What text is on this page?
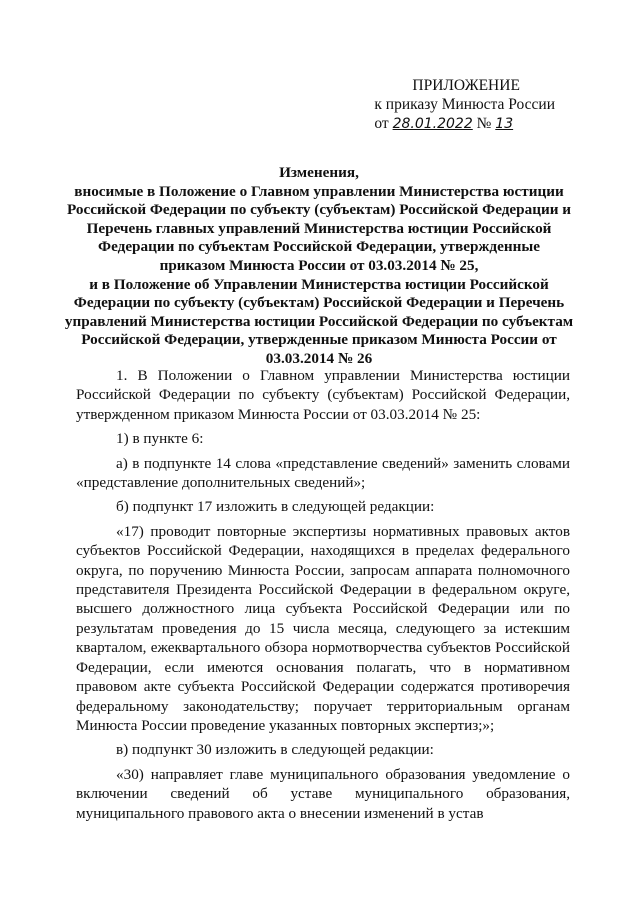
ПРИЛОЖЕНИЕ
к приказу Минюста России
от 28.01.2022 № 13
Изменения,
вносимые в Положение о Главном управлении Министерства юстиции Российской Федерации по субъекту (субъектам) Российской Федерации и Перечень главных управлений Министерства юстиции Российской Федерации по субъектам Российской Федерации, утвержденные приказом Минюста России от 03.03.2014 № 25,
и в Положение об Управлении Министерства юстиции Российской Федерации по субъекту (субъектам) Российской Федерации и Перечень управлений Министерства юстиции Российской Федерации по субъектам Российской Федерации, утвержденные приказом Минюста России от 03.03.2014 № 26

1. В Положении о Главном управлении Министерства юстиции Российской Федерации по субъекту (субъектам) Российской Федерации, утвержденном приказом Минюста России от 03.03.2014 № 25:

1) в пункте 6:

а) в подпункте 14 слова «представление сведений» заменить словами «представление дополнительных сведений»;

б) подпункт 17 изложить в следующей редакции:

«17) проводит повторные экспертизы нормативных правовых актов субъектов Российской Федерации, находящихся в пределах федерального округа, по поручению Минюста России, запросам аппарата полномочного представителя Президента Российской Федерации в федеральном округе, высшего должностного лица субъекта Российской Федерации или по результатам проведения до 15 числа месяца, следующего за истекшим кварталом, ежеквартального обзора нормотворчества субъектов Российской Федерации, если имеются основания полагать, что в нормативном правовом акте субъекта Российской Федерации содержатся противоречия федеральному законодательству; поручает территориальным органам Минюста России проведение указанных повторных экспертиз;»;

в) подпункт 30 изложить в следующей редакции:

«30) направляет главе муниципального образования уведомление о включении сведений об уставе муниципального образования, муниципального правового акта о внесении изменений в устав
